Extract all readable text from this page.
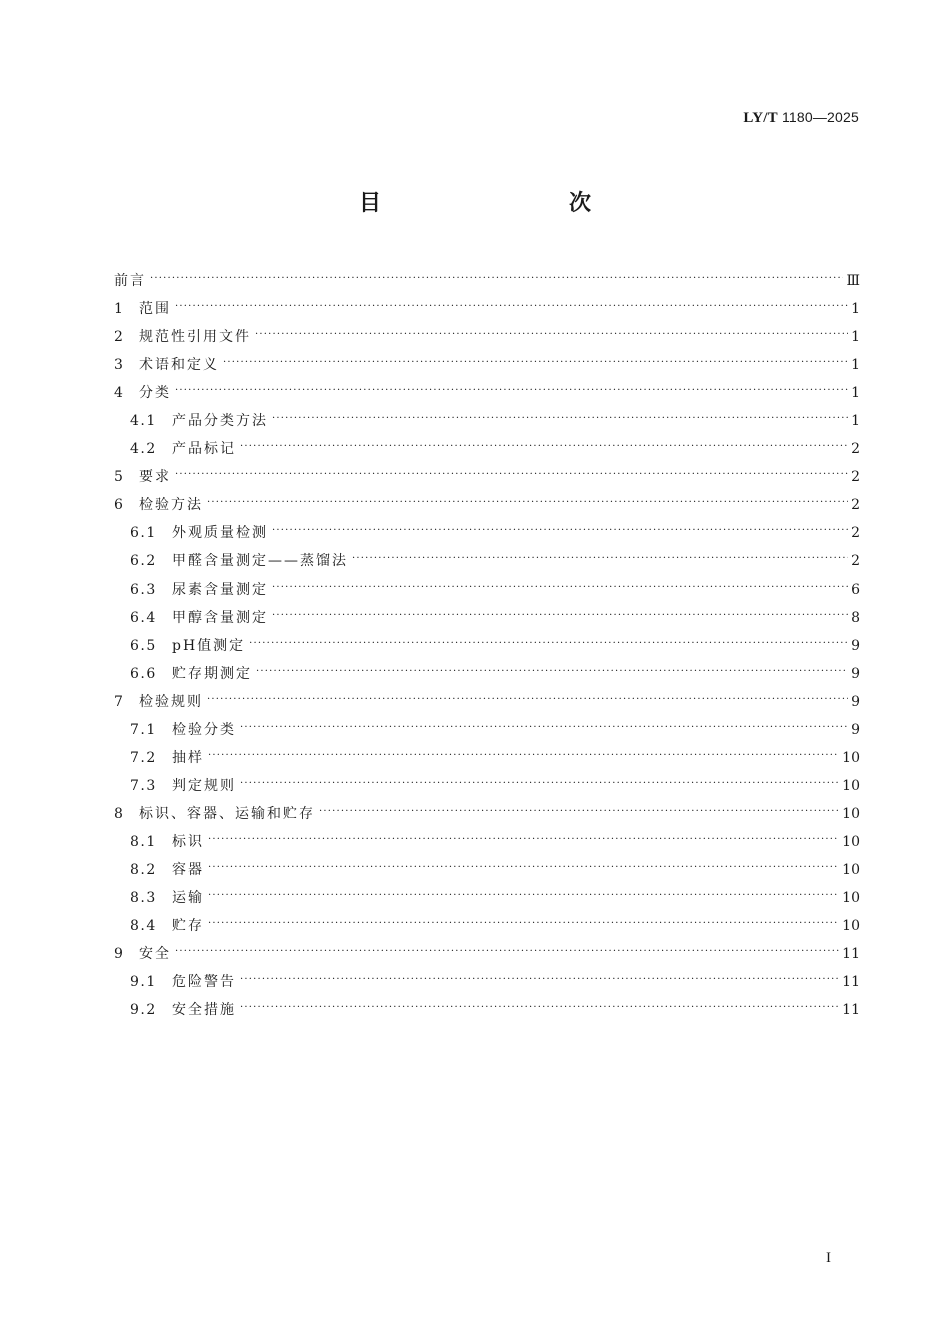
LY/T 1180—2025
目　　次
前言 ·····	Ⅲ
1	范围 ·····	1
2	规范性引用文件 ·····	1
3	术语和定义 ·····	1
4	分类 ·····	1
4.1	产品分类方法 ·····	1
4.2	产品标记 ·····	2
5	要求 ·····	2
6	检验方法 ·····	2
6.1	外观质量检测 ·····	2
6.2	甲醛含量测定——蒸馏法 ·····	2
6.3	尿素含量测定 ·····	6
6.4	甲醇含量测定 ·····	8
6.5	pH值测定 ·····	9
6.6	贮存期测定 ·····	9
7	检验规则 ·····	9
7.1	检验分类 ·····	9
7.2	抽样 ·····	10
7.3	判定规则 ·····	10
8	标识、容器、运输和贮存 ·····	10
8.1	标识 ·····	10
8.2	容器 ·····	10
8.3	运输 ·····	10
8.4	贮存 ·····	10
9	安全 ·····	11
9.1	危险警告 ·····	11
9.2	安全措施 ·····	11
I
